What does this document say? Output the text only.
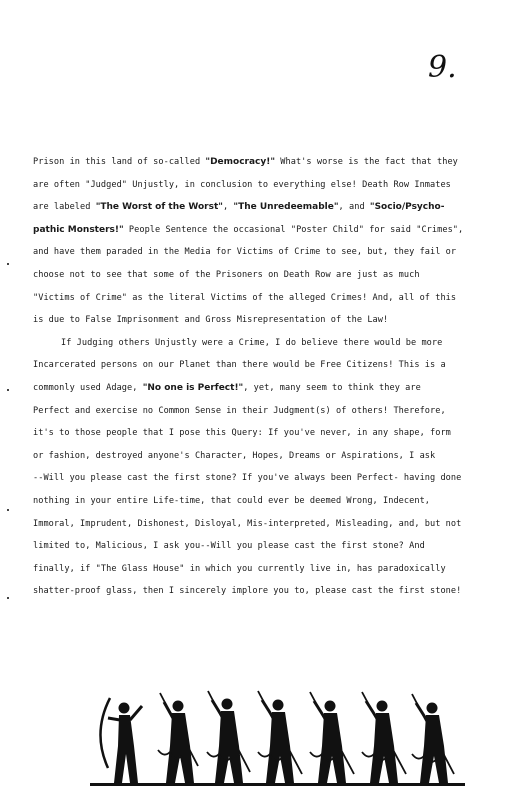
9.
Prison in this land of so-called "Democracy!" What's worse is the fact that they
are often "Judged" Unjustly, in conclusion to everything else! Death Row Inmates
are labeled "The Worst of the Worst", "The Unredeemable", and "Socio/Psycho-
pathic Monsters!" People Sentence the occasional "Poster Child" for said "Crimes",
and have them paraded in the Media for Victims of Crime to see, but, they fail or
choose not to see that some of the Prisoners on Death Row are just as much
"Victims of Crime" as the literal Victims of the alleged Crimes! And, all of this
is due to False Imprisonment and Gross Misrepresentation of the Law!
If Judging others Unjustly were a Crime, I do believe there would be more
Incarcerated persons on our Planet than there would be Free Citizens! This is a
commonly used Adage, "No one is Perfect!", yet, many seem to think they are
Perfect and exercise no Common Sense in their Judgment(s) of others! Therefore,
it's to those people that I pose this Query: If you've never, in any shape, form
or fashion, destroyed anyone's Character, Hopes, Dreams or Aspirations, I ask
--Will you please cast the first stone? If you've always been Perfect- having done
nothing in your entire Life-time, that could ever be deemed Wrong, Indecent,
Immoral, Imprudent, Dishonest, Disloyal, Mis-interpreted, Misleading, and, but not
limited to, Malicious, I ask you--Will you please cast the first stone? And
finally, if "The Glass House" in which you currently live in, has paradoxically
shatter-proof glass, then I sincerely implore you to, please cast the first stone!
